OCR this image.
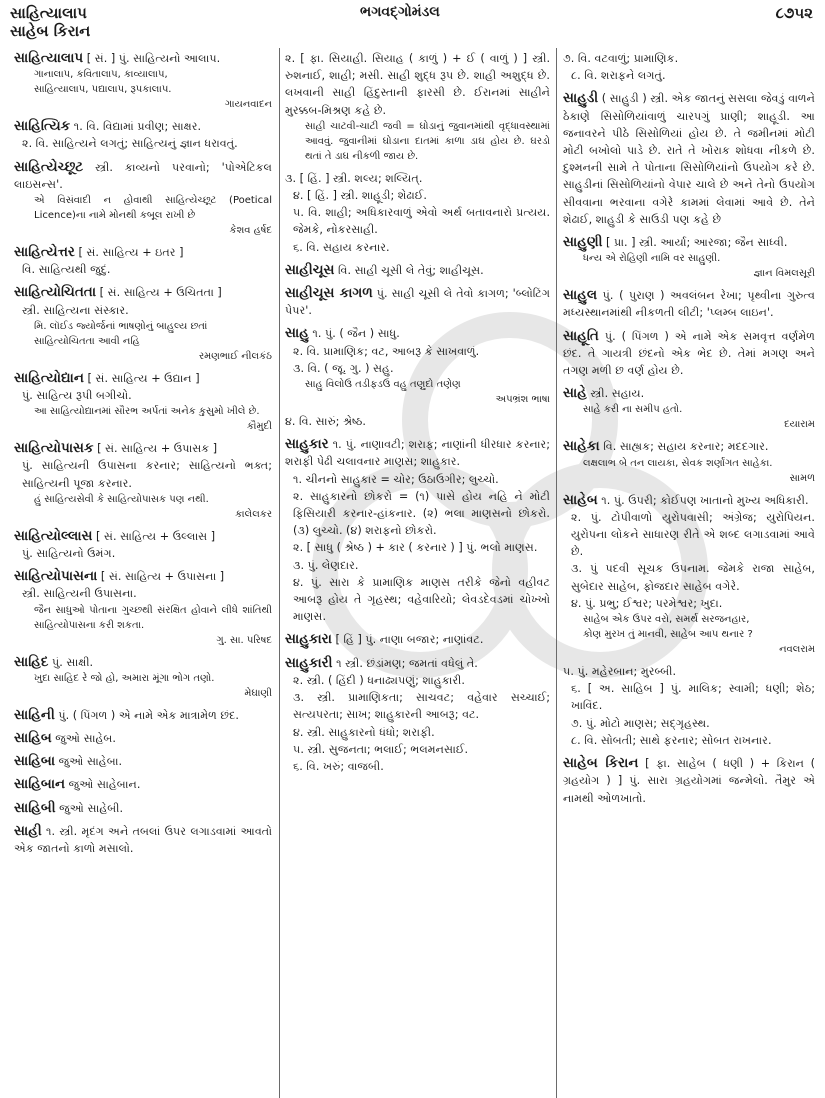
સાહિત્યાલાપ
સાહેબ કિરાન
ભગવદ્ગોમંડલ	૮૭૫૨
સાહિત્યાલાપ [ સં. ] પું. સાહિત્યનો આલાપ.
ગાનાલાપ, કવિતાલાપ, કાવ્યાલાપ,
સાહિત્યાલાપ, પદ્યાલાપ, રૂપકાલાપ.
ગાયનવાદન
સાહિત્યિક ૧. વિ. વિદ્યામાં પ્રવીણ; સાક્ષર.
૨. વિ. સાહિત્યને લગતું; સાહિત્યનું જ્ઞાન ધરાવતું.
સાહિત્યેચ્છૂટ સ્ત્રી. કાવ્યનો પરવાનો; 'પોએટિકલ લાઇસન્સ'.
એ વિસંવાદી ન હોવાથી સાહિત્યેચ્છૂટ (Poetical Licence)ના નામે મોનથી કબૂલ રાખી છે
કેશવ હર્ષદ
સાહિત્યેત્તર [ સં. સાહિત્ય + ઇતર ]
વિ. સાહિત્યથી જુદું.
સાહિત્યોચિતતા [ સં. સાહિત્ય + ઉચિતતા ]
સ્ત્રી. સાહિત્યના સંસ્કાર.
મિ. લૉઈડ જ્યોર્જનાં ભાષણોનું બાહુલ્ય છતાં
સાહિત્યોચિતતા આવી નહિ
રમણભાઈ નીલકંઠ
સાહિત્યોદ્યાન [ સં. સાહિત્ય + ઉદ્યાન ]
પું. સાહિત્ય રૂપી બગીચો.
આ સાહિત્યોદ્યાનમાં સૌરભ અર્પતાં અનેક કુસુમો ખીલે છે.
કૌમુદી
સાહિત્યોપાસક [ સં. સાહિત્ય + ઉપાસક ]
પું. સાહિત્યની ઉપાસના કરનાર; સાહિત્યનો ભક્ત; સાહિત્યની પૂજા કરનાર.
હું સાહિત્યસેવી કે સાહિત્યોપાસક પણ નથી.
કાલેલકર
સાહિત્યોલ્લાસ [ સં. સાહિત્ય + ઉલ્લાસ ]
પું. સાહિત્યનો ઉમંગ.
સાહિત્યોપાસના [ સં. સાહિત્ય + ઉપાસના ]
સ્ત્રી. સાહિત્યની ઉપાસના.
જૈન સાધુઓ પોતાના ગુચ્છથી સંરક્ષિત હોવાને લીધે શાંતિથી સાહિત્યોપાસના કરી શકતા.
ગુ. સા. પરિષદ
સાહિદ પું. સાક્ષી.
ખુદા સાહિદ રે જો હો, અમારા મૂંગા ભોગ તણો.
મેઘાણી
સાહિની પું. ( પિંગળ ) એ નામે એક માત્રામેળ છંદ.
સાહિબ જુઓ સાહેબ.
સાહિબા જુઓ સાહેબા.
સાહિબાન જુઓ સાહેબાન.
સાહિબી જુઓ સાહેબી.
સાહી ૧. સ્ત્રી. મૃદંગ અને તબલાં ઉપર લગાડવામાં આવતો એક જાતનો કાળો મસાલો.
૨. [ ફા. સિયાહી. સિયાહ ( કાળું ) + ઈ ( વાળું ) ] સ્ત્રી. રુશનાઈ, શાહી; મસી. સાહી શુદ્ધ રૂપ છે. શાહી અશુદ્ધ છે. લખવાની સાહી હિંદુસ્તાની ફારસી છે. ઈરાનમાં સાહીને મુરક્કબ-મિશ્રણ કહે છે.
સાહી ચાટવી-ચાટી જવી = ઘોડાનું જુવાનમાંથી વૃદ્ધાવસ્થામાં આવવું. જુવાનીમાં ઘોડાના દાતમાં કાળા ડાઘ હોય છે. ઘરડો થતાં તે ડાઘ નીકળી જાય છે.
૩. [ હિં. ] સ્ત્રી. શલ્ય; શલ્યિત્.
૪. [ હિં. ] સ્ત્રી. શાહૂડી; શેઢાઈ.
૫. વિ. શાહી; અધિકારવાળું એવો અર્થ બતાવનારો પ્રત્યય. જેમકે, નોકરસાહી.
૬. વિ. સહાય કરનાર.
સાહીચૂસ વિ. સાહી ચૂસી લે તેવું; શાહીચૂસ.
સાહીચૂસ કાગળ પું. સાહી ચૂસી લે તેવો કાગળ; 'બ્લોટિંગ પેપર'.
સાહુ ૧. પું. ( જૈન ) સાધુ.
૨. વિ. પ્રામાણિક; વટ, આબરૂ કે સાખવાળું.
૩. વિ. ( જૂ. ગુ. ) સહુ.
સાહુ વિલોઉ તડીફડઉ વહુ તણુદો તણેણ
અપભ્રંશ ભાષા
૪. વિ. સારું; શ્રેષ્ઠ.
સાહુકાર ૧. પું. નાણાવટી; શરાફ; નાણાંની ધીરધાર કરનાર; શરાફી પેઢી ચલાવનાર માણસ; શાહુકાર.
૧. ચીનનો સાહુકાર = ચોર; ઉઠાઉગીર; લુચ્ચો.
૨. સાહુકારનો છોકરો = (૧) પાસે હોય નહિ ને મોટી ફિસિયારી કરનાર-હાંકનાર. (૨) ભલા માણસનો છોકરો. (૩) લુચ્ચો. (૪) શરાફનો છોકરો.
૨. [ સાધુ ( શ્રેષ્ઠ ) + કાર ( કરનાર ) ] પું. ભલો માણસ.
૩. પું. લેણદાર.
૪. પું. સારા કે પ્રામાણિક માણસ તરીકે જેનો વહીવટ આબરૂ હોય તે ગૃહસ્થ; વહેવારિયો; લેવડદેવડમાં ચોખ્ખો માણસ.
સાહુકારા [ હિં ] પું. નાણા બજાર; નાણાંવટ.
સાહુકારી ૧ સ્ત્રી. છંડાંમણ; જમતાં વધેલું તે.
૨. સ્ત્રી. ( હિંદી ) ધનાઢ્યપણું; શાહુકારી.
૩. સ્ત્રી. પ્રામાણિકતા; સાચવટ; વહેવાર સચ્ચાઈ; સત્યપરતા; સાખ; શાહુકારની આબરૂ; વટ.
૪. સ્ત્રી. સાહુકારનો ધંધો; શરાફી.
૫. સ્ત્રી. સુજનતા; ભલાઈ; ભલમનસાઈ.
૬. વિ. ખરું; વાજબી.
૭. વિ. વટવાળું; પ્રામાણિક.
૮. વિ. શરાફને લગતું.
સાહુડી ( સાહુડી ) સ્ત્રી. એક જાતનું સસલા જેવડું વાળને ઠેકાણે સિસોળિયાંવાળું ચારપગું પ્રાણી; શાહૂડી. આ જનાવરને પીઠે સિસોળિયાં હોય છે. તે જમીનમાં મોટી મોટી બખોલો પાડે છે. રાતે તે ખોરાક શોધવા નીકળે છે. દુશ્મનની સામે તે પોતાના સિસોળિયાંનો ઉપયોગ કરે છે. સાહુડીનાં સિસોળિયાંનો વેપાર ચાલે છે અને તેનો ઉપયોગ સીવવાના ભરવાના વગેરે કામમાં લેવામાં આવે છે. તેને શેઢાઈ, શાહુડી કે સાઉડી પણ કહે છે
સાહુણી [ પ્રા. ] સ્ત્રી. આર્યા; આરજા; જૈન સાધ્વી.
ધન્ય એ રોહિણી નામિ વર સાહુણી.
જ્ઞાન વિમલસૂરી
સાહુલ પું. ( પુરાણ ) અવલંબન રેખા; પૃથ્વીના ગુરુત્વ મધ્યસ્થાનમાંથી નીકળતી લીટી; 'પ્લમ્બ લાઇન'.
સાહૂતિ પું. ( પિંગળ ) એ નામે એક સમવૃત્ત વર્ણમેળ છંદ. તે ગાયત્રી છંદનો એક ભેદ છે. તેમાં મગણ અને તગણ મળી છ વર્ણ હોય છે.
સાહે સ્ત્રી. સહાય.
સાહે કરી ના સમીપ હતો.
દયારામ
સાહેકા વિ. સાહ્યક; સહાય કરનાર; મદદગાર.
લક્ષલાભ બે તન લાયકા, સેવક શર્ણાંગત સાહેકા.
સામળ
સાહેબ ૧. પું. ઉપરી; કોઈપણ ખાતાનો મુખ્ય અધિકારી.
૨. પું. ટોપીવાળો યુરોપવાસી; અંગ્રેજ; યુરોપિયન. યુરોપના લોકને સાધારણ રીતે એ શબ્દ લગાડવામાં આવે છે.
૩. પું પદવી સૂચક ઉપનામ. જેમકે રાજા સાહેબ, સુબેદાર સાહેબ, ફોજદાર સાહેબ વગેરે.
૪. પું. પ્રભુ; ઈશ્વર; પરમેશ્વર; ખુદા.
સાહેબ એક ઉપર વરો, સમર્થ સરજનહાર,
કોણ મુરખ તું માનવી, સાહેબ આપ થનાર ?
નવલરામ
૫. પું. મહેરબાન; મુરબ્બી.
૬. [ અ. સાહિબ ] પું. માલિક; સ્વામી; ધણી; શેઠ; ખાવિંદ.
૭. પું. મોટો માણસ; સદ્ગૃહસ્થ.
૮. વિ. સોબતી; સાથે ફરનાર; સોબત રાખનાર.
સાહેબ કિરાન [ ફા. સાહેબ ( ધણી ) + કિરાન ( ગ્રહયોગ ) ] પું. સારા ગ્રહયોગમાં જન્મેલો. તૈમુર એ નામથી ઓળખાતો.
